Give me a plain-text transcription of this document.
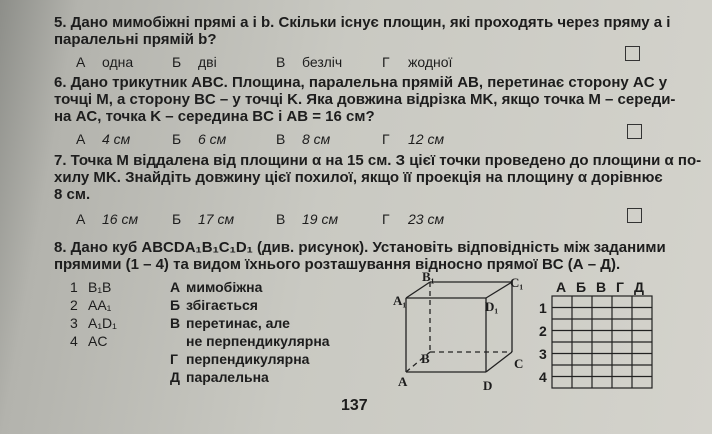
5. Дано мимобіжні прямі a і b. Скільки існує площин, які проходять через пряму a і
паралельні прямій b?
А одна	Б дві	В безліч	Г жодної
6. Дано трикутник ABC. Площина, паралельна прямій AB, перетинає сторону AC у
точці M, а сторону BC – у точці K. Яка довжина відрізка MK, якщо точка M – середи-
на AC, точка K – середина BC і AB = 16 см?
А 4 см	Б 6 см	В 8 см	Г 12 см
7. Точка M віддалена від площини α на 15 см. З цієї точки проведено до площини α по-
хилу MK. Знайдіть довжину цієї похилої, якщо її проекція на площину α дорівнює
8 см.
А 16 см Б 17 см	В 19 см	Г 23 см
8. Дано куб ABCDA₁B₁C₁D₁ (див. рисунок). Установіть відповідність між заданими
прямими (1 – 4) та видом їхнього розташування відносно прямої BC (А – Д).
1 B₁B
2 AA₁
3 A₁D₁
4 AC
А мимобіжна
Б збігається
В перетинає, але
не перпендикулярна
Г перпендикулярна
Д паралельна
B₁	C₁
A₁	D₁
B	C
A	D
А Б В Г Д
1
2
3
4
137
